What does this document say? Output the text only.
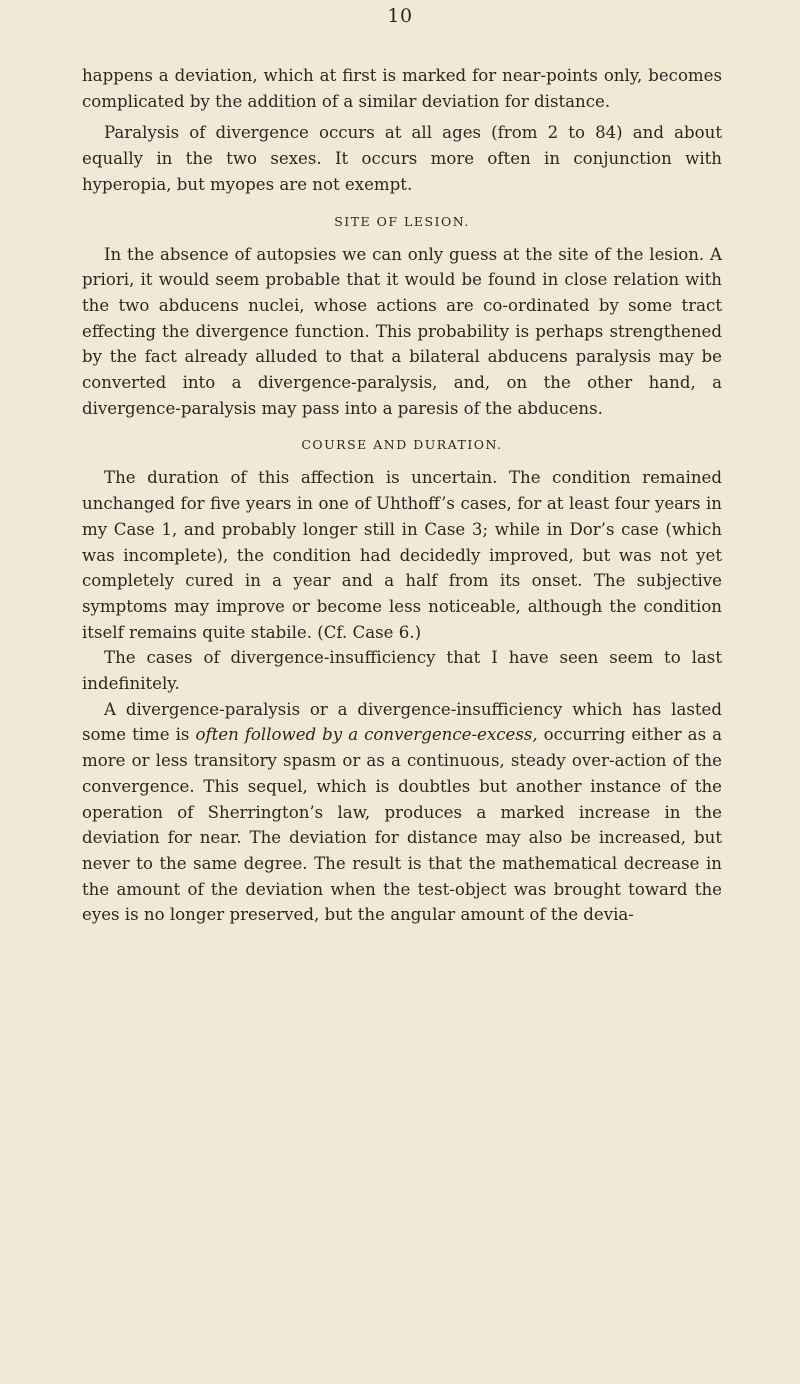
10

happens a deviation, which at first is marked for near-points only, becomes complicated by the addition of a similar deviation for distance.

Paralysis of divergence occurs at all ages (from 2 to 84) and about equally in the two sexes. It occurs more often in conjunction with hyperopia, but myopes are not exempt.

SITE OF LESION.

In the absence of autopsies we can only guess at the site of the lesion. A priori, it would seem probable that it would be found in close relation with the two abducens nuclei, whose actions are co-ordinated by some tract effecting the divergence function. This probability is perhaps strengthened by the fact already alluded to that a bilateral abducens paralysis may be converted into a divergence-paralysis, and, on the other hand, a divergence-paralysis may pass into a paresis of the abducens.

COURSE AND DURATION.

The duration of this affection is uncertain. The condition remained unchanged for five years in one of Uhthoff’s cases, for at least four years in my Case 1, and probably longer still in Case 3; while in Dor’s case (which was incomplete), the condition had decidedly improved, but was not yet completely cured in a year and a half from its onset. The subjective symptoms may improve or become less noticeable, although the condition itself remains quite stabile. (Cf. Case 6.)

The cases of divergence-insufficiency that I have seen seem to last indefinitely.

A divergence-paralysis or a divergence-insufficiency which has lasted some time is often followed by a convergence-excess, occurring either as a more or less transitory spasm or as a continuous, steady over-action of the convergence. This sequel, which is doubtles but another instance of the operation of Sherrington’s law, produces a marked increase in the deviation for near. The deviation for distance may also be increased, but never to the same degree. The result is that the mathematical decrease in the amount of the deviation when the test-object was brought toward the eyes is no longer preserved, but the angular amount of the devia-
